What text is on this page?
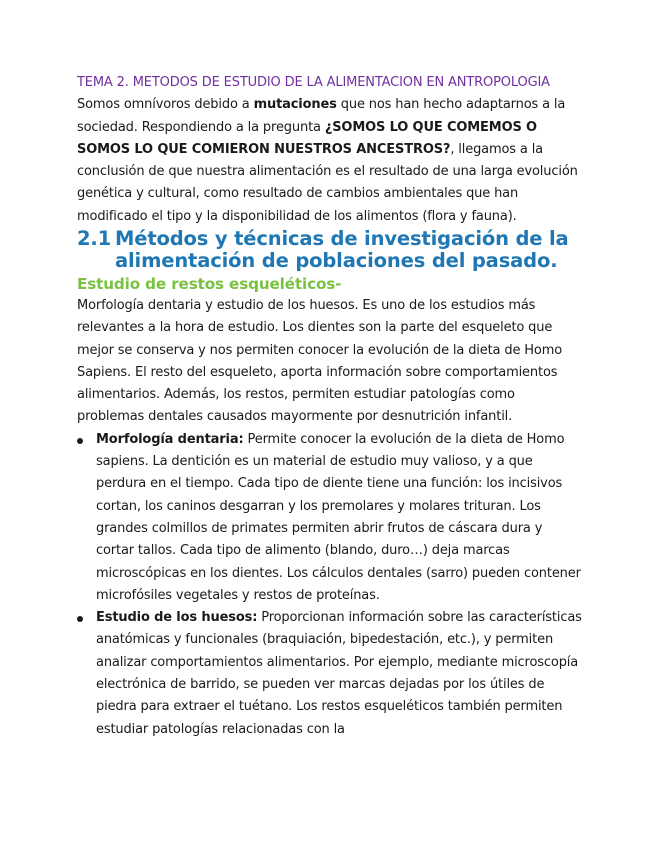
TEMA 2. METODOS DE ESTUDIO DE LA ALIMENTACION EN ANTROPOLOGIA

Somos omnívoros debido a mutaciones que nos han hecho adaptarnos a la sociedad. Respondiendo a la pregunta ¿SOMOS LO QUE COMEMOS O SOMOS LO QUE COMIERON NUESTROS ANCESTROS?, llegamos a la conclusión de que nuestra alimentación es el resultado de una larga evolución genética y cultural, como resultado de cambios ambientales que han modificado el tipo y la disponibilidad de los alimentos (flora y fauna).

2.1 Métodos y técnicas de investigación de la alimentación de poblaciones del pasado.
Estudio de restos esqueléticos-

Morfología dentaria y estudio de los huesos. Es uno de los estudios más relevantes a la hora de estudio. Los dientes son la parte del esqueleto que mejor se conserva y nos permiten conocer la evolución de la dieta de Homo Sapiens. El resto del esqueleto, aporta información sobre comportamientos alimentarios. Además, los restos, permiten estudiar patologías como problemas dentales causados mayormente por desnutrición infantil.

Morfología dentaria: Permite conocer la evolución de la dieta de Homo sapiens. La dentición es un material de estudio muy valioso, y a que perdura en el tiempo. Cada tipo de diente tiene una función: los incisivos cortan, los caninos desgarran y los premolares y molares trituran. Los grandes colmillos de primates permiten abrir frutos de cáscara dura y cortar tallos. Cada tipo de alimento (blando, duro…) deja marcas microscópicas en los dientes. Los cálculos dentales (sarro) pueden contener microfósiles vegetales y restos de proteínas.
Estudio de los huesos: Proporcionan información sobre las características anatómicas y funcionales (braquiación, bipedestación, etc.), y permiten analizar comportamientos alimentarios. Por ejemplo, mediante microscopía electrónica de barrido, se pueden ver marcas dejadas por los útiles de piedra para extraer el tuétano. Los restos esqueléticos también permiten estudiar patologías relacionadas con la
